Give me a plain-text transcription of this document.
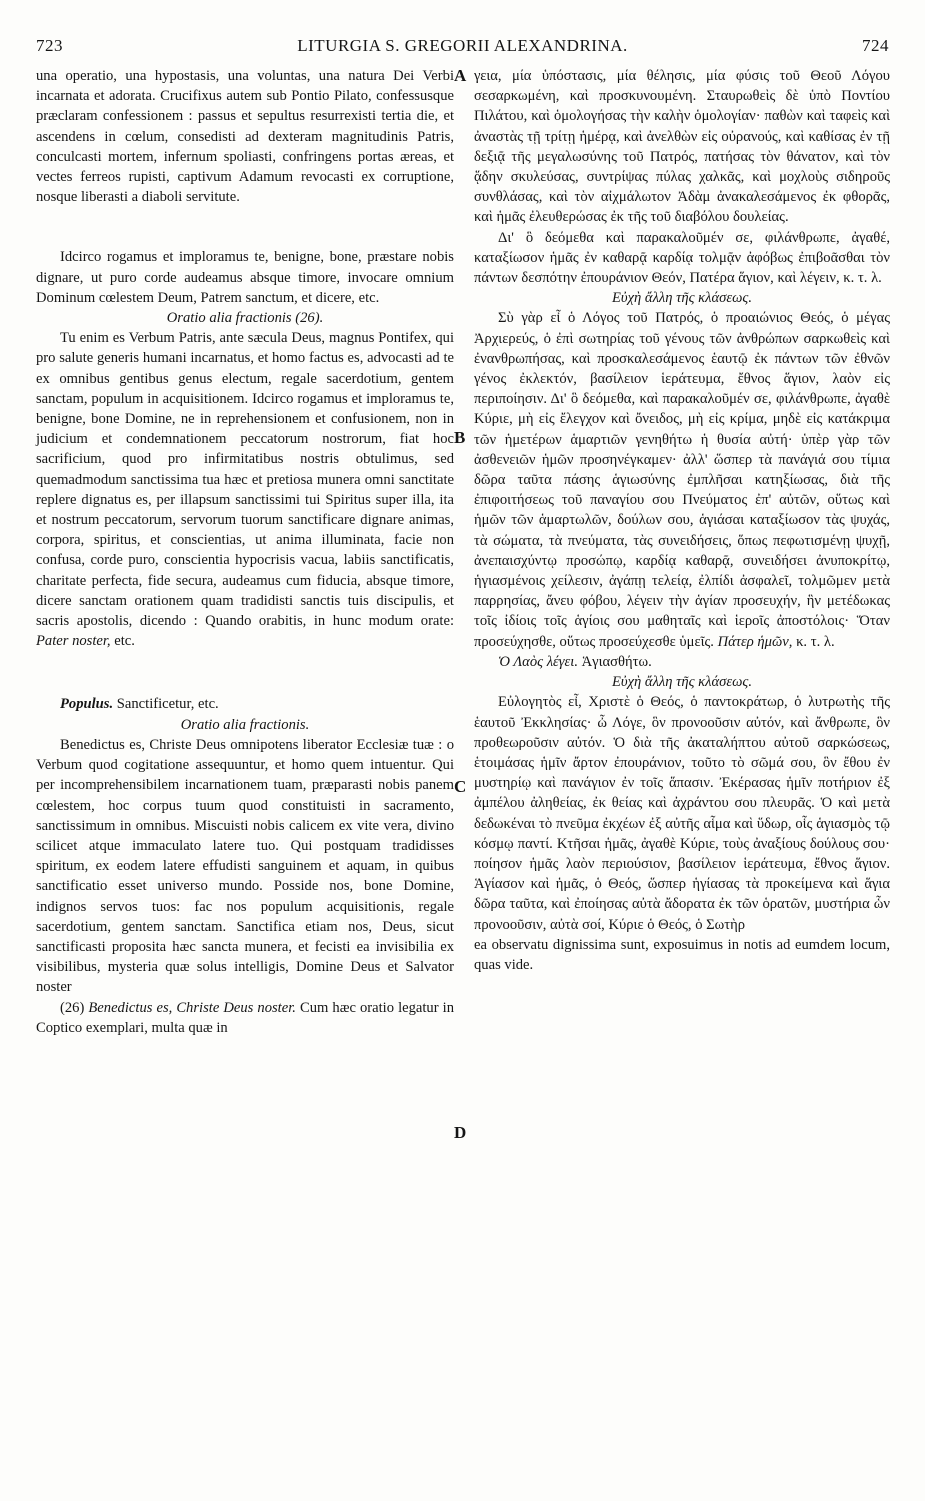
723	LITURGIA S. GREGORII ALEXANDRINA.	724
A
B
C
D

una operatio, una hypostasis, una voluntas, una natura Dei Verbi incarnata et adorata. Crucifixus autem sub Pontio Pilato, confessusque præclaram confessionem : passus et sepultus resurrexisti tertia die, et ascendens in cœlum, consedisti ad dexteram magnitudinis Patris, conculcasti mortem, infernum spoliasti, confringens portas æreas, et vectes ferreos rupisti, captivum Adamum revocasti ex corruptione, nosque liberasti a diaboli servitute.

Idcirco rogamus et imploramus te, benigne, bone, præstare nobis dignare, ut puro corde audeamus absque timore, invocare omnium Dominum cœlestem Deum, Patrem sanctum, et dicere, etc.

Oratio alia fractionis (26).

Tu enim es Verbum Patris, ante sæcula Deus, magnus Pontifex, qui pro salute generis humani incarnatus, et homo factus es, advocasti ad te ex omnibus gentibus genus electum, regale sacerdotium, gentem sanctam, populum in acquisitionem. Idcirco rogamus et imploramus te, benigne, bone Domine, ne in reprehensionem et confusionem, non in judicium et condemnationem peccatorum nostrorum, fiat hoc sacrificium, quod pro infirmitatibus nostris obtulimus, sed quemadmodum sanctissima tua hæc et pretiosa munera omni sanctitate replere dignatus es, per illapsum sanctissimi tui Spiritus super illa, ita et nostrum peccatorum, servorum tuorum sanctificare dignare animas, corpora, spiritus, et conscientias, ut anima illuminata, facie non confusa, corde puro, conscientia hypocrisis vacua, labiis sanctificatis, charitate perfecta, fide secura, audeamus cum fiducia, absque timore, dicere sanctam orationem quam tradidisti sanctis tuis discipulis, et sacris apostolis, dicendo : Quando orabitis, in hunc modum orate: Pater noster, etc.

Populus. Sanctificetur, etc.

Oratio alia fractionis.

Benedictus es, Christe Deus omnipotens liberator Ecclesiæ tuæ : o Verbum quod cogitatione assequuntur, et homo quem intuentur. Qui per incomprehensibilem incarnationem tuam, præparasti nobis panem cœlestem, hoc corpus tuum quod constituisti in sacramento, sanctissimum in omnibus. Miscuisti nobis calicem ex vite vera, divino scilicet atque immaculato latere tuo. Qui postquam tradidisses spiritum, ex eodem latere effudisti sanguinem et aquam, in quibus sanctificatio esset universo mundo. Posside nos, bone Domine, indignos servos tuos: fac nos populum acquisitionis, regale sacerdotium, gentem sanctam. Sanctifica etiam nos, Deus, sicut sanctificasti proposita hæc sancta munera, et fecisti ea invisibilia ex visibilibus, mysteria quæ solus intelligis, Domine Deus et Salvator noster

(26) Benedictus es, Christe Deus noster. Cum hæc oratio legatur in Coptico exemplari, multa quæ in

γεια, μία ὑπόστασις, μία θέλησις, μία φύσις τοῦ Θεοῦ Λόγου σεσαρκωμένη, καὶ προσκυνουμένη. Σταυρωθεὶς δὲ ὑπὸ Ποντίου Πιλάτου, καὶ ὁμολογήσας τὴν καλὴν ὁμολογίαν· παθὼν καὶ ταφεὶς καὶ ἀναστὰς τῇ τρίτῃ ἡμέρᾳ, καὶ ἀνελθὼν εἰς οὐρανούς, καὶ καθίσας ἐν τῇ δεξιᾷ τῆς μεγαλωσύνης τοῦ Πατρός, πατήσας τὸν θάνατον, καὶ τὸν ᾅδην σκυλεύσας, συντρίψας πύλας χαλκᾶς, καὶ μοχλοὺς σιδηροῦς συνθλάσας, καὶ τὸν αἰχμάλωτον Ἀδὰμ ἀνακαλεσάμενος ἐκ φθορᾶς, καὶ ἡμᾶς ἐλευθερώσας ἐκ τῆς τοῦ διαβόλου δουλείας.

Δι' ὃ δεόμεθα καὶ παρακαλοῦμέν σε, φιλάνθρωπε, ἀγαθέ, καταξίωσον ἡμᾶς ἐν καθαρᾷ καρδίᾳ τολμᾷν ἀφόβως ἐπιβοᾶσθαι τὸν πάντων δεσπότην ἐπουράνιον Θεόν, Πατέρα ἅγιον, καὶ λέγειν, κ. τ. λ.

Εὐχὴ ἄλλη τῆς κλάσεως.

Σὺ γὰρ εἶ ὁ Λόγος τοῦ Πατρός, ὁ προαιώνιος Θεός, ὁ μέγας Ἀρχιερεύς, ὁ ἐπὶ σωτηρίας τοῦ γένους τῶν ἀνθρώπων σαρκωθεὶς καὶ ἐνανθρωπήσας, καὶ προσκαλεσάμενος ἑαυτῷ ἐκ πάντων τῶν ἐθνῶν γένος ἐκλεκτόν, βασίλειον ἱεράτευμα, ἔθνος ἅγιον, λαὸν εἰς περιποίησιν. Δι' ὃ δεόμεθα, καὶ παρακαλοῦμέν σε, φιλάνθρωπε, ἀγαθὲ Κύριε, μὴ εἰς ἔλεγχον καὶ ὄνειδος, μὴ εἰς κρίμα, μηδὲ εἰς κατάκριμα τῶν ἡμετέρων ἁμαρτιῶν γενηθήτω ἡ θυσία αὐτή· ὑπὲρ γὰρ τῶν ἀσθενειῶν ἡμῶν προσηνέγκαμεν· ἀλλ' ὥσπερ τὰ πανάγιά σου τίμια δῶρα ταῦτα πάσης ἁγιωσύνης ἐμπλῆσαι κατηξίωσας, διὰ τῆς ἐπιφοιτήσεως τοῦ παναγίου σου Πνεύματος ἐπ' αὐτῶν, οὕτως καὶ ἡμῶν τῶν ἁμαρτωλῶν, δούλων σου, ἁγιάσαι καταξίωσον τὰς ψυχάς, τὰ σώματα, τὰ πνεύματα, τὰς συνειδήσεις, ὅπως πεφωτισμένῃ ψυχῇ, ἀνεπαισχύντῳ προσώπῳ, καρδίᾳ καθαρᾷ, συνειδήσει ἀνυποκρίτῳ, ἡγιασμένοις χείλεσιν, ἀγάπῃ τελείᾳ, ἐλπίδι ἀσφαλεῖ, τολμῶμεν μετὰ παρρησίας, ἄνευ φόβου, λέγειν τὴν ἁγίαν προσευχήν, ἣν μετέδωκας τοῖς ἰδίοις τοῖς ἁγίοις σου μαθηταῖς καὶ ἱεροῖς ἀποστόλοις· Ὅταν προσεύχησθε, οὕτως προσεύχεσθε ὑμεῖς. Πάτερ ἡμῶν, κ. τ. λ.

Ὁ Λαὸς λέγει. Ἁγιασθήτω.

Εὐχὴ ἄλλη τῆς κλάσεως.

Εὐλογητὸς εἶ, Χριστὲ ὁ Θεός, ὁ παντοκράτωρ, ὁ λυτρωτὴς τῆς ἑαυτοῦ Ἐκκλησίας· ὦ Λόγε, ὃν προνοοῦσιν αὐτόν, καὶ ἄνθρωπε, ὃν προθεωροῦσιν αὐτόν. Ὁ διὰ τῆς ἀκαταλήπτου αὐτοῦ σαρκώσεως, ἑτοιμάσας ἡμῖν ἄρτον ἐπουράνιον, τοῦτο τὸ σῶμά σου, ὃν ἔθου ἐν μυστηρίῳ καὶ πανάγιον ἐν τοῖς ἅπασιν. Ἐκέρασας ἡμῖν ποτήριον ἐξ ἀμπέλου ἀληθείας, ἐκ θείας καὶ ἀχράντου σου πλευρᾶς. Ὁ καὶ μετὰ δεδωκέναι τὸ πνεῦμα ἐκχέων ἐξ αὐτῆς αἷμα καὶ ὕδωρ, οἷς ἁγιασμὸς τῷ κόσμῳ παντί. Κτῆσαι ἡμᾶς, ἀγαθὲ Κύριε, τοὺς ἀναξίους δούλους σου· ποίησον ἡμᾶς λαὸν περιούσιον, βασίλειον ἱεράτευμα, ἔθνος ἅγιον. Ἁγίασον καὶ ἡμᾶς, ὁ Θεός, ὥσπερ ἡγίασας τὰ προκείμενα καὶ ἅγια δῶρα ταῦτα, καὶ ἐποίησας αὐτὰ ἄδορατα ἐκ τῶν ὁρατῶν, μυστήρια ὧν προνοοῦσιν, αὐτὰ σοί, Κύριε ὁ Θεός, ὁ Σωτὴρ

ea observatu dignissima sunt, exposuimus in notis ad eumdem locum, quas vide.
